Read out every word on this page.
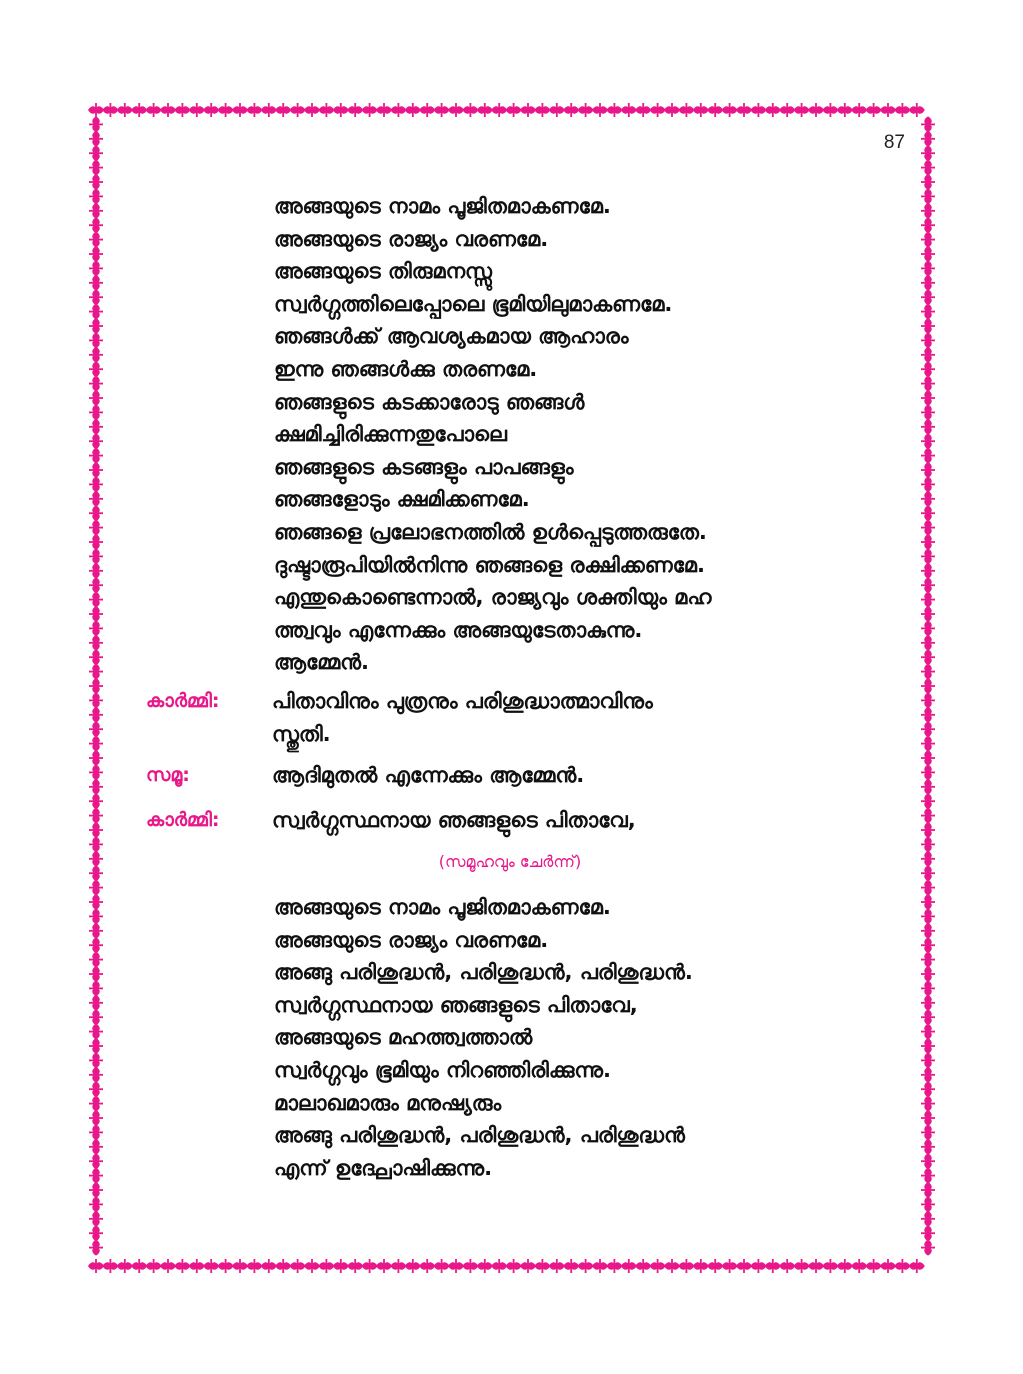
87
അങ്ങയുടെ നാമം പൂജിതമാകണമേ.
അങ്ങയുടെ രാജ്യം വരണമേ.
അങ്ങയുടെ തിരുമനസ്സു
സ്വർഗ്ഗത്തിലെപ്പോലെ ഭൂമിയിലുമാകണമേ.
ഞങ്ങൾക്ക് ആവശ്യകമായ ആഹാരം
ഇന്നു ഞങ്ങൾക്കു തരണമേ.
ഞങ്ങളുടെ കടക്കാരോടു ഞങ്ങൾ
ക്ഷമിച്ചിരിക്കുന്നതുപോലെ
ഞങ്ങളുടെ കടങ്ങളും പാപങ്ങളും
ഞങ്ങളോടും ക്ഷമിക്കണമേ.
ഞങ്ങളെ പ്രലോഭനത്തിൽ ഉൾപ്പെടുത്തരുതേ.
ദുഷ്ടാരൂപിയിൽനിന്നു ഞങ്ങളെ രക്ഷിക്കണമേ.
എന്തുകൊണ്ടെന്നാൽ, രാജ്യവും ശക്തിയും മഹ
ത്ത്വവും എന്നേക്കും അങ്ങയുടേതാകുന്നു.
ആമ്മേൻ.
കാർമ്മി:	പിതാവിനും പുത്രനും പരിശുദ്ധാത്മാവിനും
സ്തുതി.
സമൂ:	ആദിമുതൽ എന്നേക്കും ആമ്മേൻ.
കാർമ്മി:	സ്വർഗ്ഗസ്ഥനായ ഞങ്ങളുടെ പിതാവേ,
(സമൂഹവും ചേർന്ന്)
അങ്ങയുടെ നാമം പൂജിതമാകണമേ.
അങ്ങയുടെ രാജ്യം വരണമേ.
അങ്ങു പരിശുദ്ധൻ, പരിശുദ്ധൻ, പരിശുദ്ധൻ.
സ്വർഗ്ഗസ്ഥനായ ഞങ്ങളുടെ പിതാവേ,
അങ്ങയുടെ മഹത്ത്വത്താൽ
സ്വർഗ്ഗവും ഭൂമിയും നിറഞ്ഞിരിക്കുന്നു.
മാലാഖമാരും മനുഷ്യരും
അങ്ങു പരിശുദ്ധൻ, പരിശുദ്ധൻ, പരിശുദ്ധൻ
എന്ന് ഉദ്ഘോഷിക്കുന്നു.
